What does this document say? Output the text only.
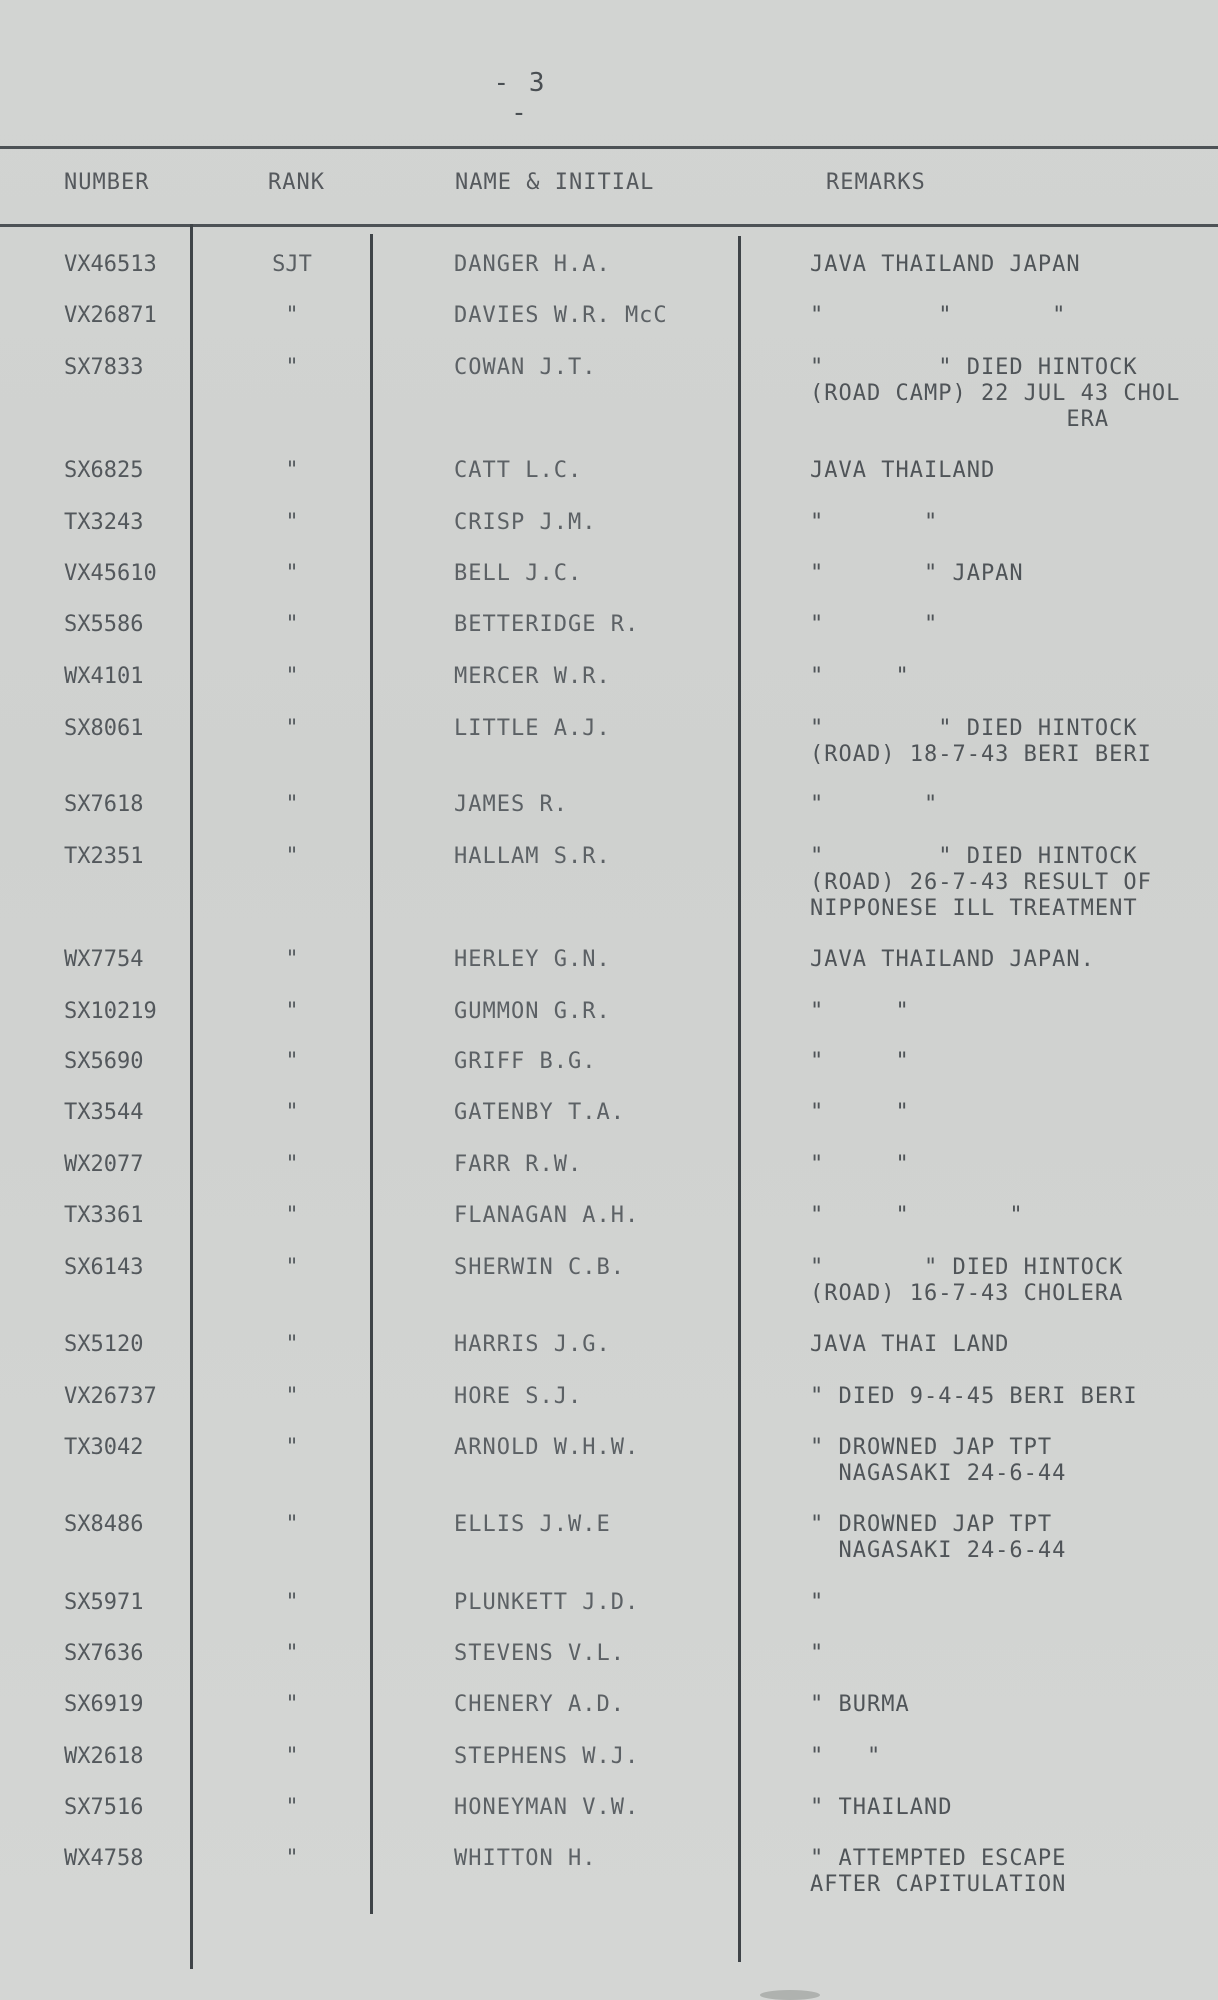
- 3 -
NUMBER	RANK	NAME & INITIAL	REMARKS
VX46513	SJT	DANGER H.A.	JAVA THAILAND JAPAN
VX26871	"	DAVIES W.R. McC	"        "       "
SX7833	"	COWAN J.T.	"        " DIED HINTOCK
(ROAD CAMP) 22 JUL 43 CHOL
ERA
SX6825	"	CATT L.C.	JAVA THAILAND
TX3243	"	CRISP J.M.	"       "
VX45610	"	BELL J.C.	"       " JAPAN
SX5586	"	BETTERIDGE R.	"       "
WX4101	"	MERCER W.R.	"     "
SX8061	"	LITTLE A.J.	"        " DIED HINTOCK
(ROAD) 18-7-43 BERI BERI
SX7618	"	JAMES R.	"       "
TX2351	"	HALLAM S.R.	"        " DIED HINTOCK
(ROAD) 26-7-43 RESULT OF
NIPPONESE ILL TREATMENT
WX7754	"	HERLEY G.N.	JAVA THAILAND JAPAN.
SX10219	"	GUMMON G.R.	"     "
SX5690	"	GRIFF B.G.	"     "
TX3544	"	GATENBY T.A.	"     "
WX2077	"	FARR R.W.	"     "
TX3361	"	FLANAGAN A.H.	"     "       "
SX6143	"	SHERWIN C.B.	"       " DIED HINTOCK
(ROAD) 16-7-43 CHOLERA
SX5120	"	HARRIS J.G.	JAVA THAI LAND
VX26737	"	HORE S.J.	" DIED 9-4-45 BERI BERI
TX3042	"	ARNOLD W.H.W.	" DROWNED JAP TPT
NAGASAKI 24-6-44
SX8486	"	ELLIS J.W.E	" DROWNED JAP TPT
NAGASAKI 24-6-44
SX5971	"	PLUNKETT J.D.	"
SX7636	"	STEVENS V.L.	"
SX6919	"	CHENERY A.D.	" BURMA
WX2618	"	STEPHENS W.J.	"   "
SX7516	"	HONEYMAN V.W.	" THAILAND
WX4758	"	WHITTON H.	" ATTEMPTED ESCAPE
AFTER CAPITULATION
